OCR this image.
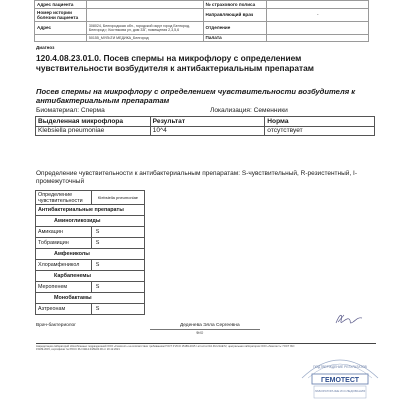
Адрес пациента		№ страхового полиса	
Номер истории болезни пациента		Направляющий врач	-
Адрес	308024, Белгородская обл., городской округ город Белгород, Белгород г, Костюкова ул, дом 33Г, помещения 2,3,5,6	Отделение	
	50155_МУЛЬТИ МЕДИКА_Белгород	Палата	
Диагноз
120.4.08.23.01.0. Посев спермы на микрофлору с определением чувствительности возбудителя к антибактериальным препаратам
Посев спермы на микрофлору с определением чувствительности возбудителя к антибактериальным препаратам
Биоматериал: Сперма	Локализация: Семенники
Выделенная микрофлора	Результат	Норма
Klebsiella pneumoniae	10^4	отсутствует
Определение чувствительности к антибактериальным препаратам: S-чувствительный, R-резистентный, I-промежуточный
Определение чувствительности	Klebsiella pneumoniae
Антибактериальные препараты	
Аминогликозиды	
Амикацин	S
Тобрамицин	S
Амфениколы	
Хлорамфеникол	S
Карбапенемы	
Меропенем	S
Монобактамы	
Азтреонам	S
Врач-бактериолог	Деденева Элла Сергеевна
ФИО
Аккредитация лабораторий обособленных подразделений ООО «Гемотест» на соответствие требованиям ГОСТ Р ИСО 15189-2015 / аттестат RA.RU.21АЕ72, центральная лаборатория ООО «Гемотест»: ГОСТ ISO 15189-2015, сертификат № РОСС RU.31112.04ЛНК0.00 от 20.12.2021
ПОДТВЕРЖДЕНИЕ РЕЗУЛЬТАТОВ
ГЕМОТЕСТ
ЛАБОРАТОРНЫЕ ИССЛЕДОВАНИЯ
